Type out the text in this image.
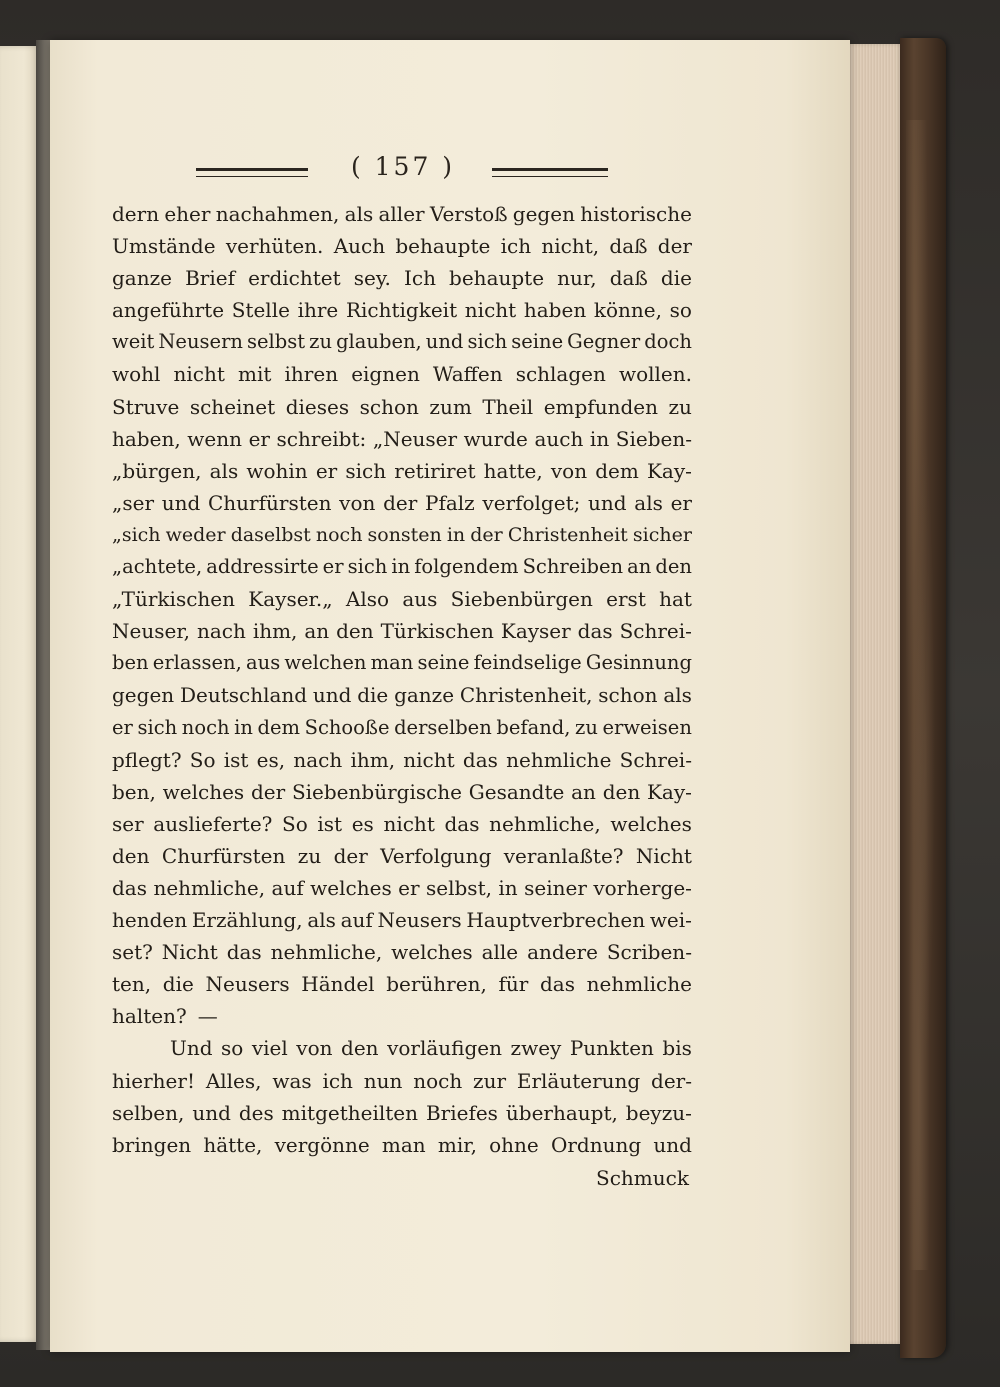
( 157 )
dern eher nachahmen, als aller Verstoß gegen historische
Umstände verhüten. Auch behaupte ich nicht, daß der
ganze Brief erdichtet sey. Ich behaupte nur, daß die
angeführte Stelle ihre Richtigkeit nicht haben könne, so
weit Neusern selbst zu glauben, und sich seine Gegner doch
wohl nicht mit ihren eignen Waffen schlagen wollen.
Struve scheinet dieses schon zum Theil empfunden zu
haben, wenn er schreibt: „Neuser wurde auch in Sieben-
„bürgen, als wohin er sich retiriret hatte, von dem Kay-
„ser und Churfürsten von der Pfalz verfolget; und als er
„sich weder daselbst noch sonsten in der Christenheit sicher
„achtete, addressirte er sich in folgendem Schreiben an den
„Türkischen Kayser.„ Also aus Siebenbürgen erst hat
Neuser, nach ihm, an den Türkischen Kayser das Schrei-
ben erlassen, aus welchen man seine feindselige Gesinnung
gegen Deutschland und die ganze Christenheit, schon als
er sich noch in dem Schooße derselben befand, zu erweisen
pflegt? So ist es, nach ihm, nicht das nehmliche Schrei-
ben, welches der Siebenbürgische Gesandte an den Kay-
ser auslieferte? So ist es nicht das nehmliche, welches
den Churfürsten zu der Verfolgung veranlaßte? Nicht
das nehmliche, auf welches er selbst, in seiner vorherge-
henden Erzählung, als auf Neusers Hauptverbrechen wei-
set? Nicht das nehmliche, welches alle andere Scriben-
ten, die Neusers Händel berühren, für das nehmliche
halten? —
Und so viel von den vorläufigen zwey Punkten bis
hierher! Alles, was ich nun noch zur Erläuterung der-
selben, und des mitgetheilten Briefes überhaupt, beyzu-
bringen hätte, vergönne man mir, ohne Ordnung und
Schmuck
